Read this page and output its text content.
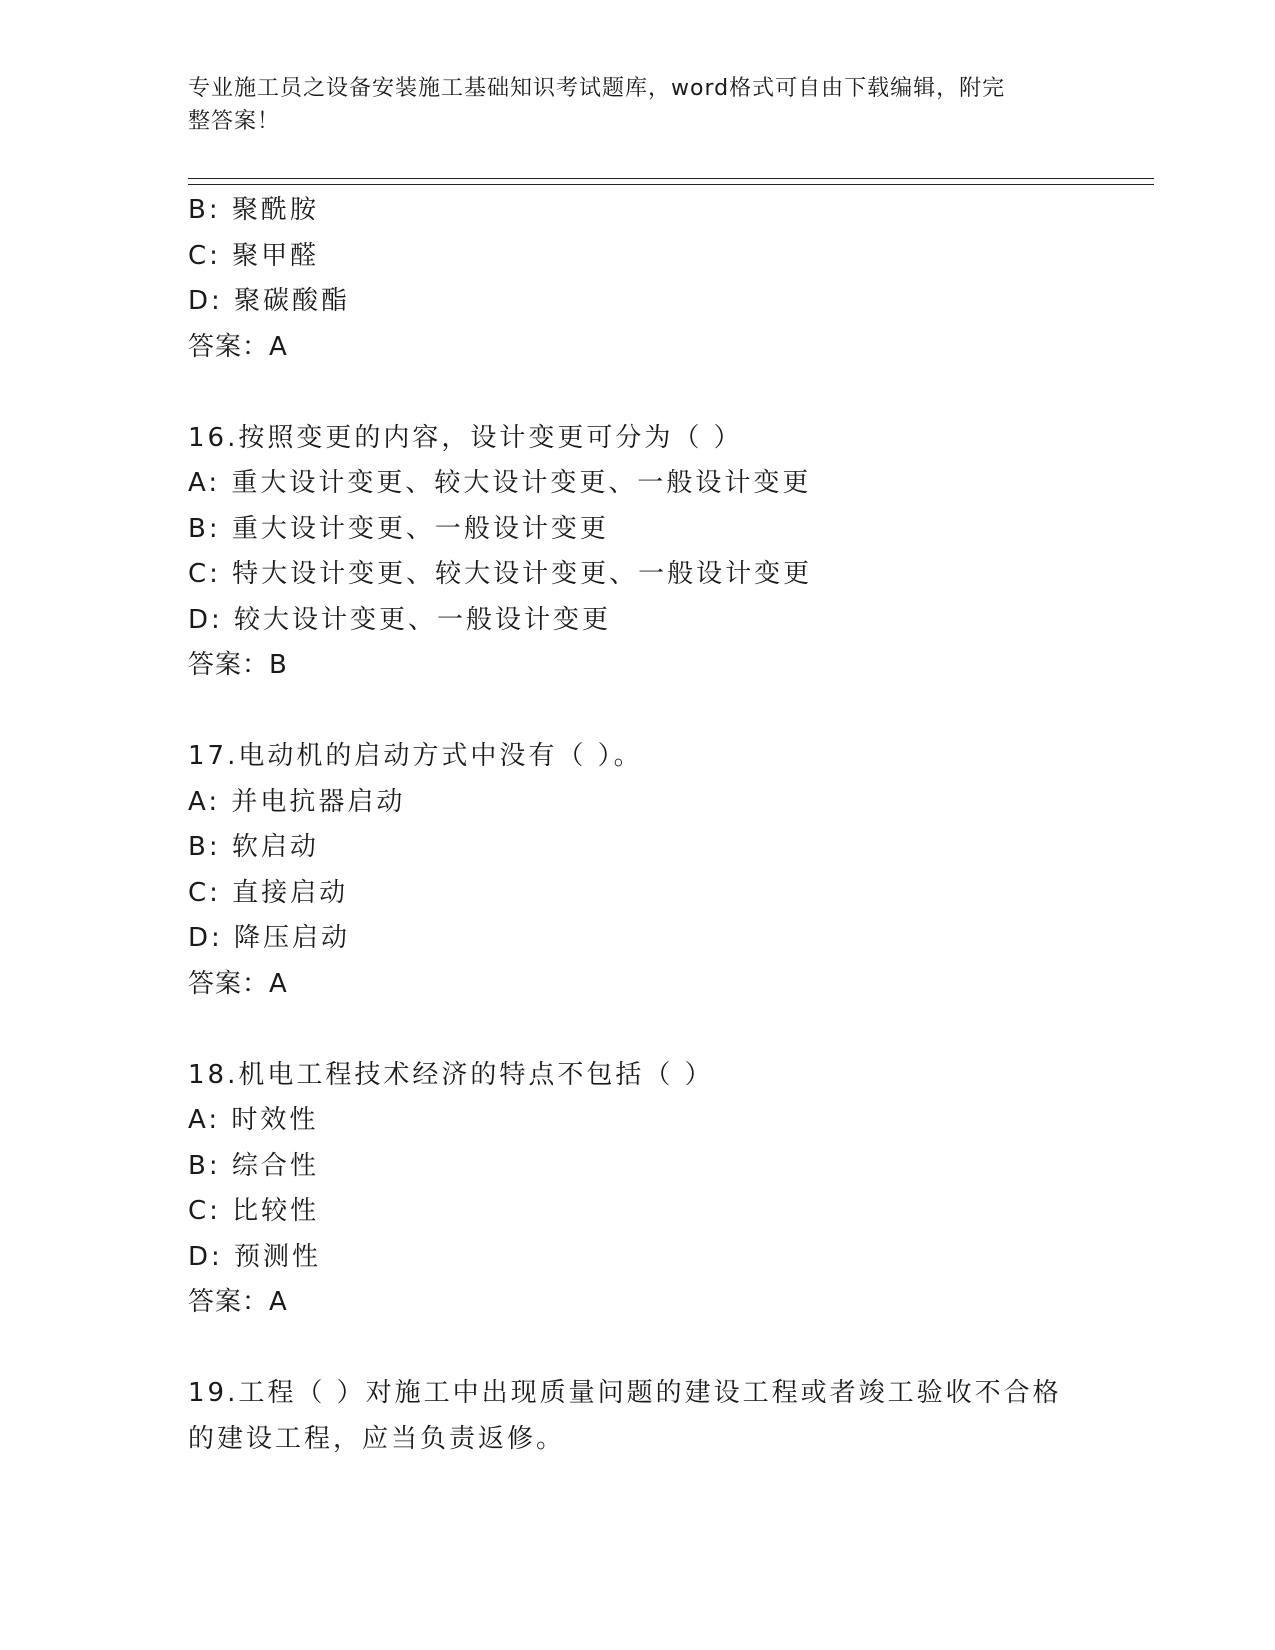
专业施工员之设备安装施工基础知识考试题库，word格式可自由下载编辑，附完
整答案！
B: 聚酰胺
C: 聚甲醛
D: 聚碳酸酯
答案：A
16.按照变更的内容，设计变更可分为（ ）
A: 重大设计变更、较大设计变更、一般设计变更
B: 重大设计变更、一般设计变更
C: 特大设计变更、较大设计变更、一般设计变更
D: 较大设计变更、一般设计变更
答案：B
17.电动机的启动方式中没有（ ）。
A: 并电抗器启动
B: 软启动
C: 直接启动
D: 降压启动
答案：A
18.机电工程技术经济的特点不包括（ ）
A: 时效性
B: 综合性
C: 比较性
D: 预测性
答案：A
19.工程（ ）对施工中出现质量问题的建设工程或者竣工验收不合格
的建设工程，应当负责返修。
